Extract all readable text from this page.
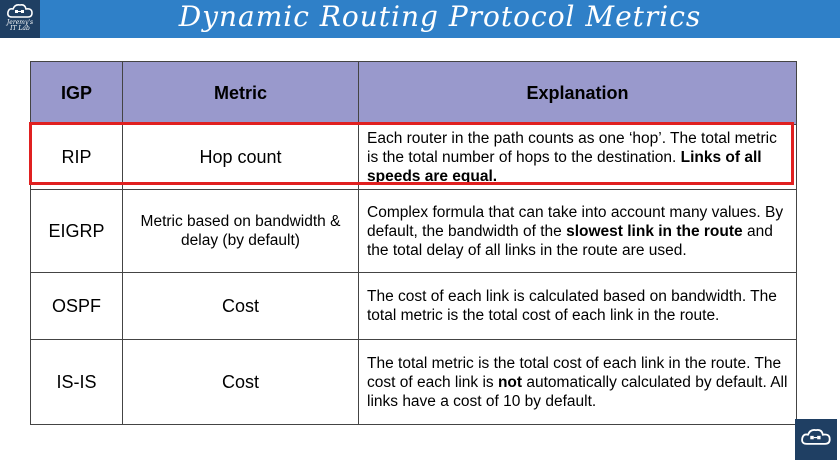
Jeremy's
IT Lab	Dynamic Routing Protocol Metrics
IGP	Metric	Explanation
RIP	Hop count	Each router in the path counts as one ‘hop’. The total metric is the total number of hops to the destination. Links of all speeds are equal.
EIGRP	Metric based on bandwidth & delay (by default)	Complex formula that can take into account many values. By default, the bandwidth of the slowest link in the route and the total delay of all links in the route are used.
OSPF	Cost	The cost of each link is calculated based on bandwidth. The total metric is the total cost of each link in the route.
IS-IS	Cost	The total metric is the total cost of each link in the route. The cost of each link is not automatically calculated by default. All links have a cost of 10 by default.
